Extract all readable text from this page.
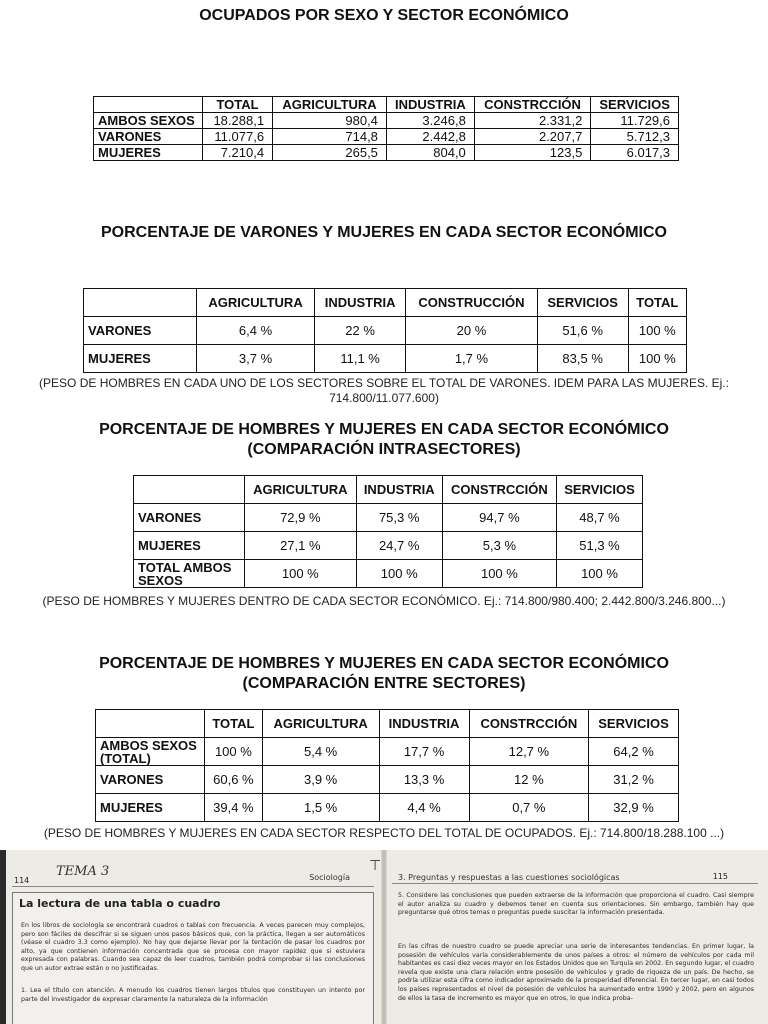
OCUPADOS POR SEXO Y SECTOR ECONÓMICO
	TOTAL	AGRICULTURA	INDUSTRIA	CONSTRCCIÓN	SERVICIOS
AMBOS SEXOS	18.288,1	980,4	3.246,8	2.331,2	11.729,6
VARONES	11.077,6	714,8	2.442,8	2.207,7	5.712,3
MUJERES	7.210,4	265,5	804,0	123,5	6.017,3
PORCENTAJE DE VARONES Y MUJERES EN CADA SECTOR ECONÓMICO
	AGRICULTURA	INDUSTRIA	CONSTRUCCIÓN	SERVICIOS	TOTAL
VARONES	6,4 %	22 %	20 %	51,6 %	100 %
MUJERES	3,7 %	11,1 %	1,7 %	83,5 %	100 %
(PESO DE HOMBRES EN CADA UNO DE LOS SECTORES SOBRE EL TOTAL DE VARONES. IDEM PARA LAS MUJERES. Ej.:
714.800/11.077.600)
PORCENTAJE DE HOMBRES Y MUJERES EN CADA SECTOR ECONÓMICO
(COMPARACIÓN INTRASECTORES)
	AGRICULTURA	INDUSTRIA	CONSTRCCIÓN	SERVICIOS
VARONES	72,9 %	75,3 %	94,7 %	48,7 %
MUJERES	27,1 %	24,7 %	5,3 %	51,3 %

TOTAL AMBOS
SEXOS	100 %	100 %	100 %	100 %
(PESO DE HOMBRES Y MUJERES DENTRO DE CADA SECTOR ECONÓMICO. Ej.: 714.800/980.400; 2.442.800/3.246.800...)
PORCENTAJE DE HOMBRES Y MUJERES EN CADA SECTOR ECONÓMICO
(COMPARACIÓN ENTRE SECTORES)
	TOTAL	AGRICULTURA	INDUSTRIA	CONSTRCCIÓN	SERVICIOS

AMBOS SEXOS
(TOTAL)	100 %	5,4 %	17,7 %	12,7 %	64,2 %
VARONES	60,6 %	3,9 %	13,3 %	12 %	31,2 %
MUJERES	39,4 %	1,5 %	4,4 %	0,7 %	32,9 %
(PESO DE HOMBRES Y MUJERES EN CADA SECTOR RESPECTO DEL TOTAL DE OCUPADOS. Ej.: 714.800/18.288.100 ...)
⊤
114
TEMA 3	Sociología
La lectura de una tabla o cuadro
En los libros de sociología se encontrará cuadros o tablas con frecuencia. A veces parecen muy complejos, pero son fáciles de descifrar si se siguen unos pasos básicos que, con la práctica, llegan a ser automáticos (véase el cuadro 3.3 como ejemplo). No hay que dejarse llevar por la tentación de pasar los cuadros por alto, ya que contienen información concentrada que se procesa con mayor rapidez que si estuviera expresada con palabras. Cuando sea capaz de leer cuadros, también podrá comprobar si las conclusiones que un autor extrae están o no justificadas.
1. Lea el título con atención. A menudo los cuadros tienen largos títulos que constituyen un intento por parte del investigador de expresar claramente la naturaleza de la información
3. Preguntas y respuestas a las cuestiones sociológicas	115
5. Considere las conclusiones que pueden extraerse de la información que proporciona el cuadro. Casi siempre el autor analiza su cuadro y debemos tener en cuenta sus orientaciones. Sin embargo, también hay que preguntarse qué otros temas o preguntas puede suscitar la información presentada.
En las cifras de nuestro cuadro se puede apreciar una serie de interesantes tendencias. En primer lugar, la posesión de vehículos varía considerablemente de unos países a otros: el número de vehículos por cada mil habitantes es casi diez veces mayor en los Estados Unidos que en Turquía en 2002. En segundo lugar, el cuadro revela que existe una clara relación entre posesión de vehículos y grado de riqueza de un país. De hecho, se podría utilizar esta cifra como indicador aproximado de la prosperidad diferencial. En tercer lugar, en casi todos los países representados el nivel de posesión de vehículos ha aumentado entre 1990 y 2002, pero en algunos de ellos la tasa de incremento es mayor que en otros, lo que indica proba-
